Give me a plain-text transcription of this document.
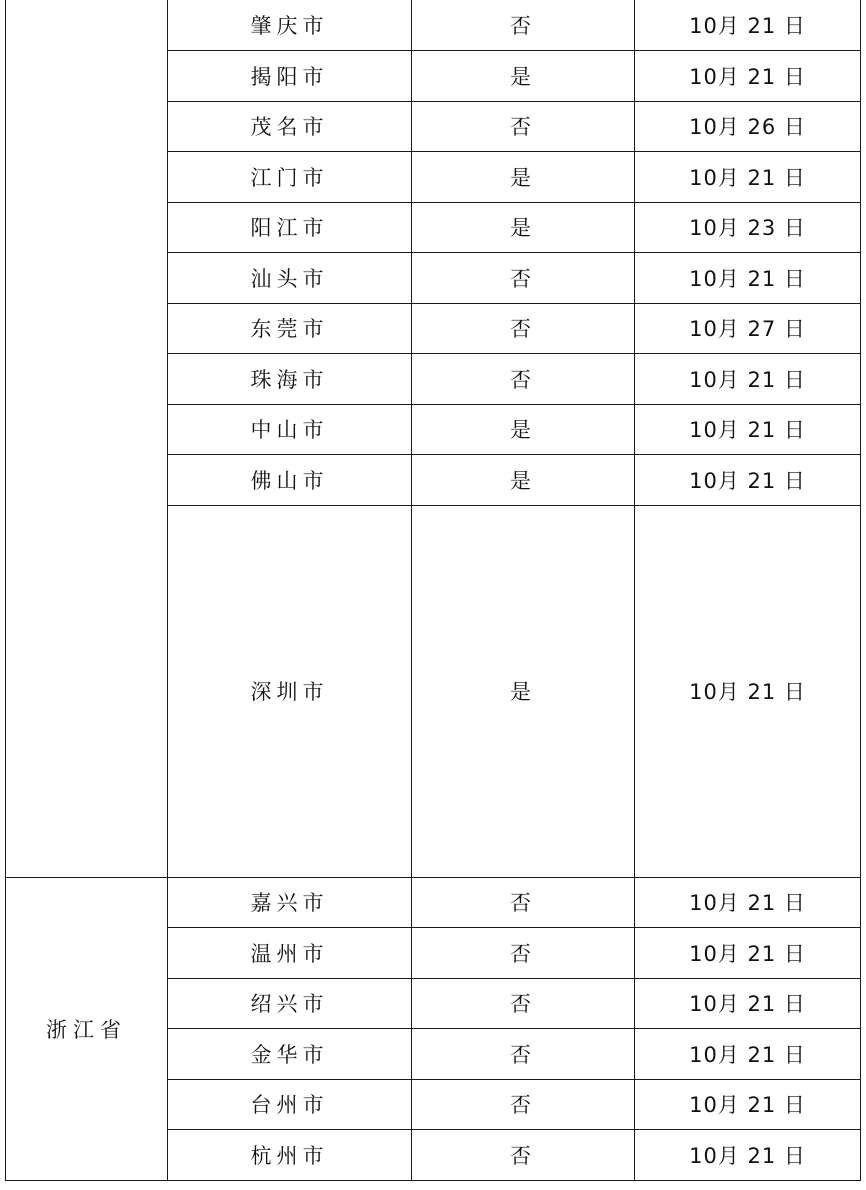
	肇庆市	否	10月 21 日
	揭阳市	是	10月 21 日
	茂名市	否	10月 26 日
	江门市	是	10月 21 日
	阳江市	是	10月 23 日
	汕头市	否	10月 21 日
	东莞市	否	10月 27 日
	珠海市	否	10月 21 日
	中山市	是	10月 21 日
	佛山市	是	10月 21 日
	深圳市	是	10月 21 日
浙江省	嘉兴市	否	10月 21 日
	温州市	否	10月 21 日
	绍兴市	否	10月 21 日
	金华市	否	10月 21 日
	台州市	否	10月 21 日
	杭州市	否	10月 21 日
